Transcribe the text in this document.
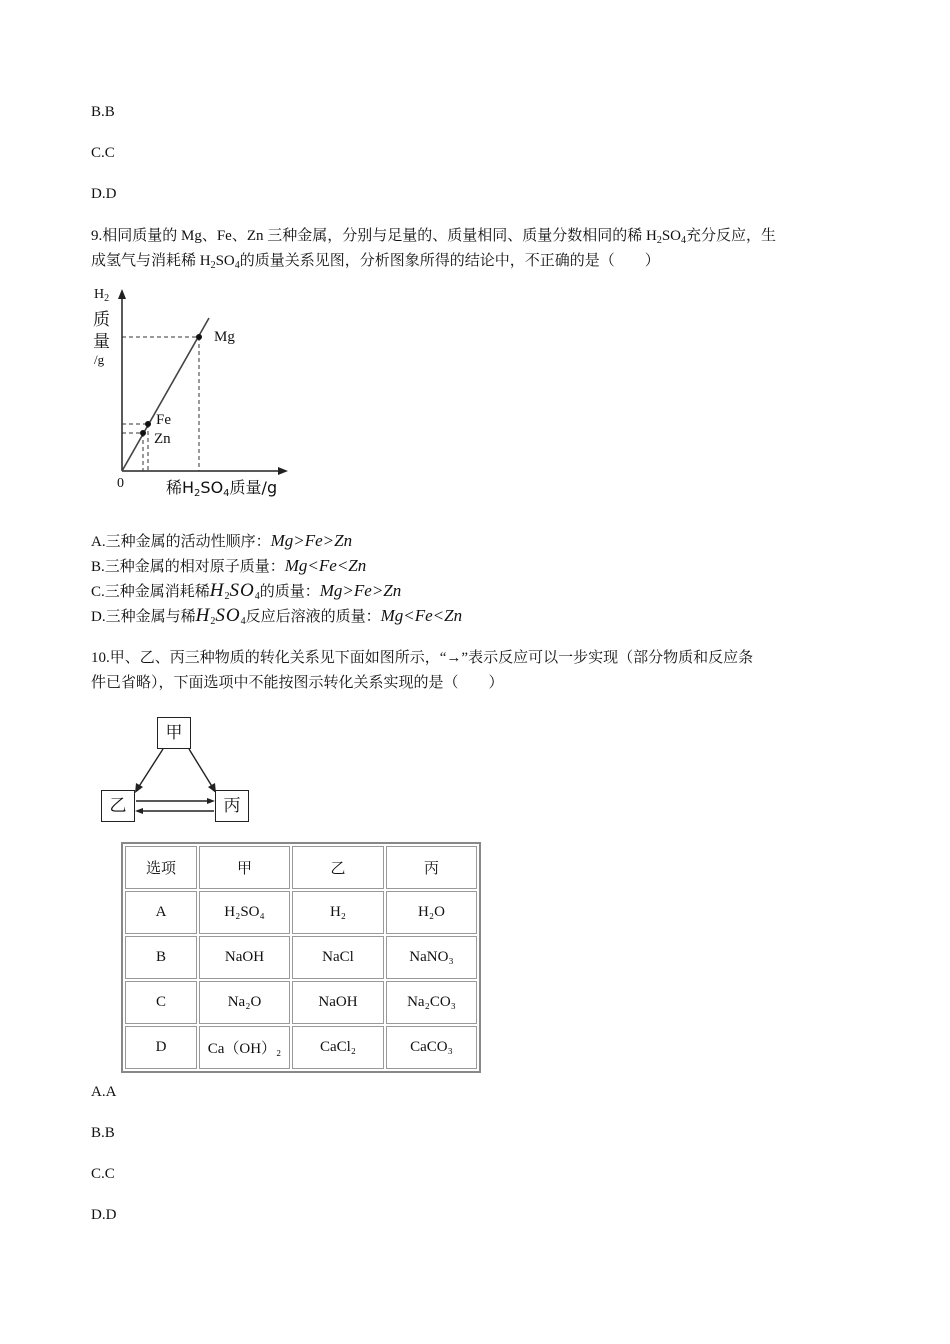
B.B
C.C
D.D
9.相同质量的 Mg、Fe、Zn 三种金属，分别与足量的、质量相同、质量分数相同的稀 $H_2SO_4$充分反应，生
成氢气与消耗稀 $H_2SO_4$的质量关系见图，分析图象所得的结论中，不正确的是（　　）
$H_2$
质
量
/g
0	稀$H_2SO_4$质量/g
Mg
Fe
Zn
A.三种金属的活动性顺序：Mg>Fe>Zn
B.三种金属的相对原子质量：Mg<Fe<Zn
C.三种金属消耗稀$H_2SO_4$的质量：Mg>Fe>Zn
D.三种金属与稀$H_2SO_4$反应后溶液的质量：Mg<Fe<Zn
10.甲、乙、丙三种物质的转化关系见下面如图所示，“→”表示反应可以一步实现（部分物质和反应条
件已省略），下面选项中不能按图示转化关系实现的是（　　）
甲
乙	丙
选项	甲	乙	丙
A	H₂SO₄	H₂	H₂O
B	NaOH	NaCl	NaNO₃
C	Na₂O	NaOH	Na₂CO₃
D	Ca（OH）₂	CaCl₂	CaCO₃
A.A
B.B
C.C
D.D
